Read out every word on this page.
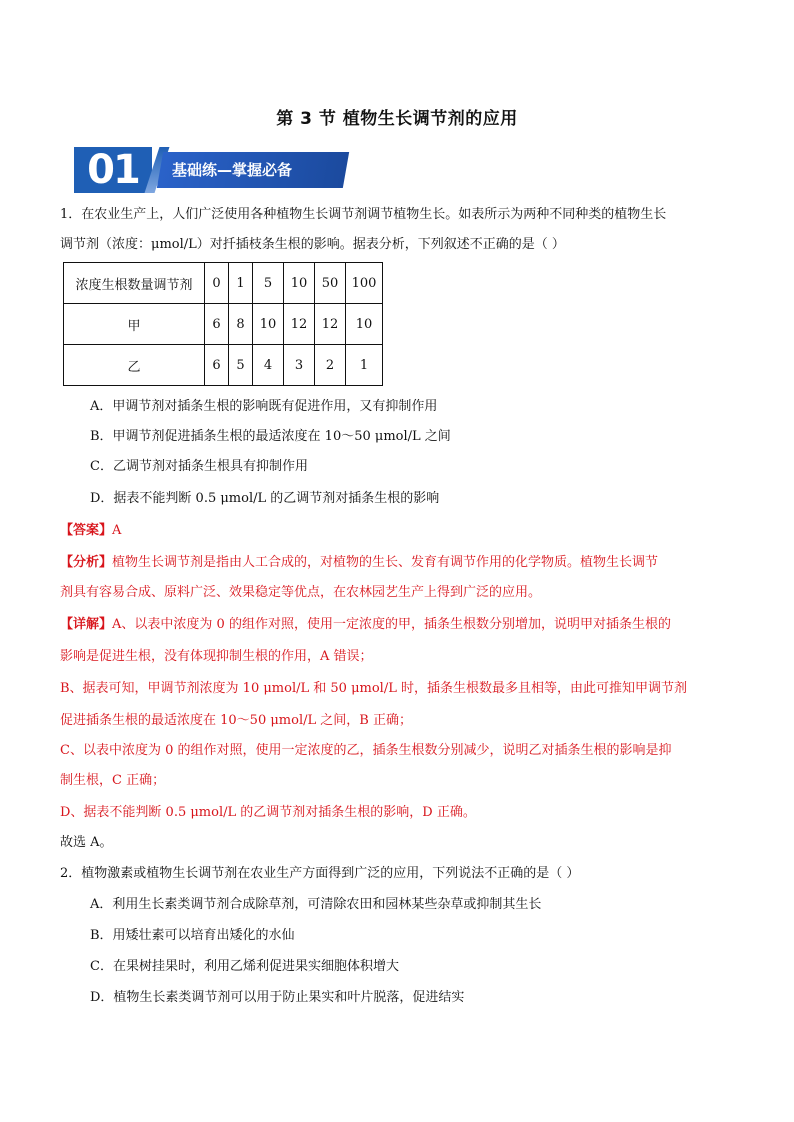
第 3 节 植物生长调节剂的应用
01	基础练—掌握必备
1．在农业生产上，人们广泛使用各种植物生长调节剂调节植物生长。如表所示为两种不同种类的植物生长
调节剂（浓度：μmol/L）对扦插枝条生根的影响。据表分析，下列叙述不正确的是（ ）
浓度生根数量调节剂	0	1	5	10	50	100
甲	6	8	10	12	12	10
乙	6	5	4	3	2	1
A．甲调节剂对插条生根的影响既有促进作用，又有抑制作用
B．甲调节剂促进插条生根的最适浓度在 10～50 μmol/L 之间
C．乙调节剂对插条生根具有抑制作用
D．据表不能判断 0.5 μmol/L 的乙调节剂对插条生根的影响
【答案】A
【分析】植物生长调节剂是指由人工合成的，对植物的生长、发育有调节作用的化学物质。植物生长调节
剂具有容易合成、原料广泛、效果稳定等优点，在农林园艺生产上得到广泛的应用。
【详解】A、以表中浓度为 0 的组作对照，使用一定浓度的甲，插条生根数分别增加，说明甲对插条生根的
影响是促进生根，没有体现抑制生根的作用，A 错误；
B、据表可知，甲调节剂浓度为 10 μmol/L 和 50 μmol/L 时，插条生根数最多且相等，由此可推知甲调节剂
促进插条生根的最适浓度在 10～50 μmol/L 之间，B 正确；
C、以表中浓度为 0 的组作对照，使用一定浓度的乙，插条生根数分别减少，说明乙对插条生根的影响是抑
制生根，C 正确；
D、据表不能判断 0.5 μmol/L 的乙调节剂对插条生根的影响，D 正确。
故选 A。
2．植物激素或植物生长调节剂在农业生产方面得到广泛的应用，下列说法不正确的是（ ）
A．利用生长素类调节剂合成除草剂，可清除农田和园林某些杂草或抑制其生长
B．用矮壮素可以培育出矮化的水仙
C．在果树挂果时，利用乙烯利促进果实细胞体积增大
D．植物生长素类调节剂可以用于防止果实和叶片脱落，促进结实
